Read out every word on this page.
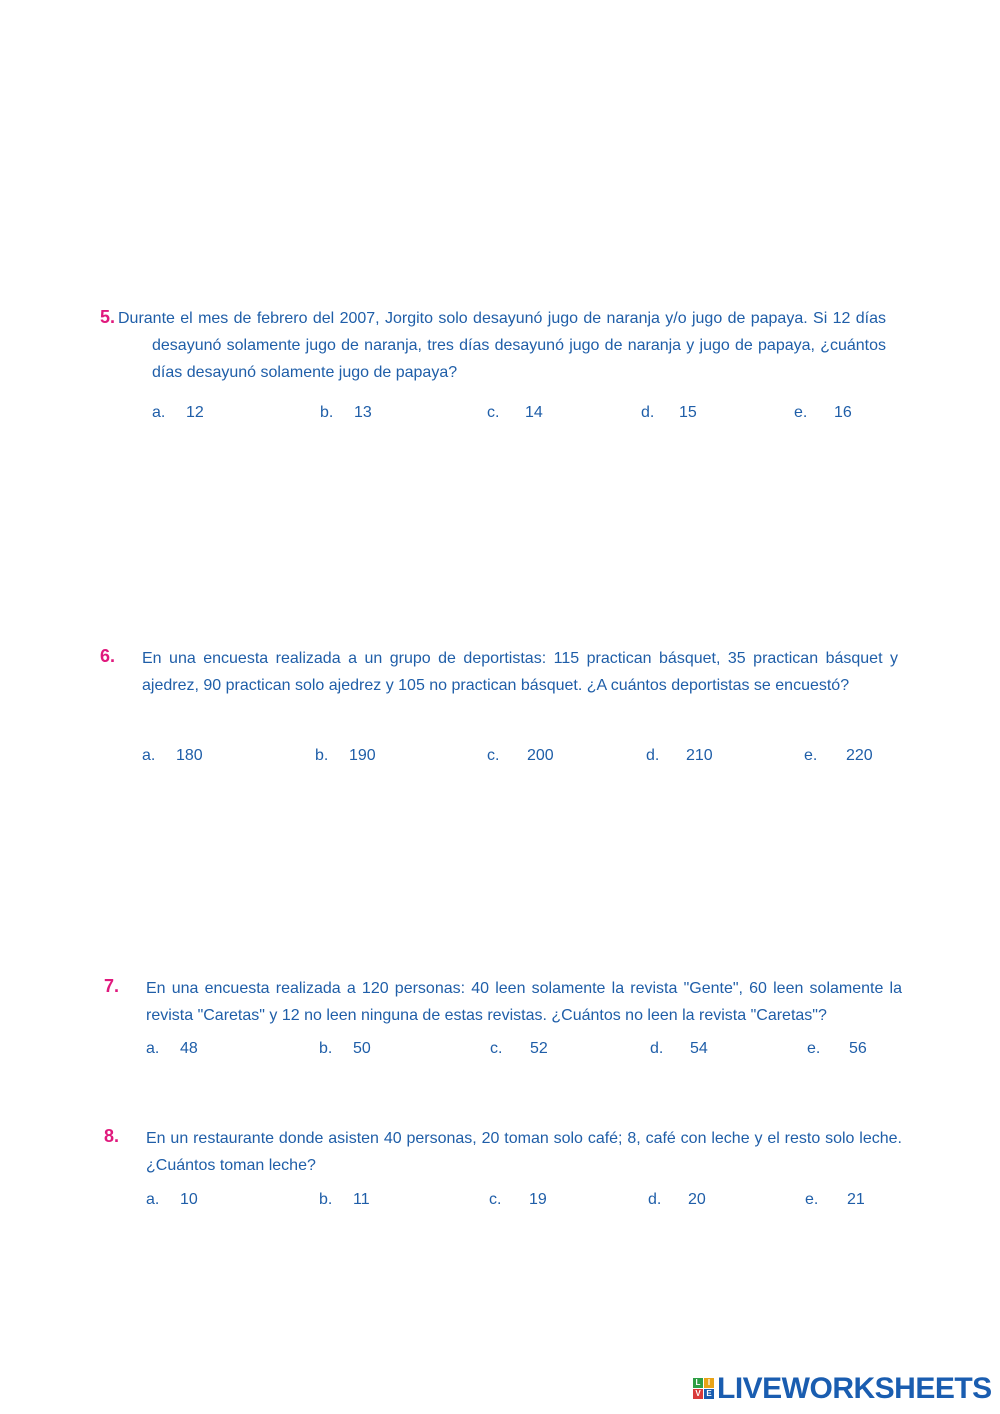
5. Durante el mes de febrero del 2007, Jorgito solo desayunó jugo de naranja y/o jugo de papaya. Si 12 días desayunó solamente jugo de naranja, tres días desayunó jugo de naranja y jugo de papaya, ¿cuántos días desayunó solamente jugo de papaya?

a. 12	b. 13	c. 14	d. 15	e. 16
6. En una encuesta realizada a un grupo de deportistas: 115 practican básquet, 35 practican básquet y ajedrez, 90 practican solo ajedrez y 105 no practican básquet. ¿A cuántos deportistas se encuestó?

a. 180	b. 190	c. 200	d. 210	e. 220
7. En una encuesta realizada a 120 personas: 40 leen solamente la revista "Gente", 60 leen solamente la revista "Caretas" y 12 no leen ninguna de estas revistas. ¿Cuántos no leen la revista "Caretas"?

a. 48	b. 50	c. 52	d. 54	e. 56
8. En un restaurante donde asisten 40 personas, 20 toman solo café; 8, café con leche y el resto solo leche. ¿Cuántos toman leche?

a. 10	b. 11	c. 19	d. 20	e. 21
L I
V E LIVEWORKSHEETS
